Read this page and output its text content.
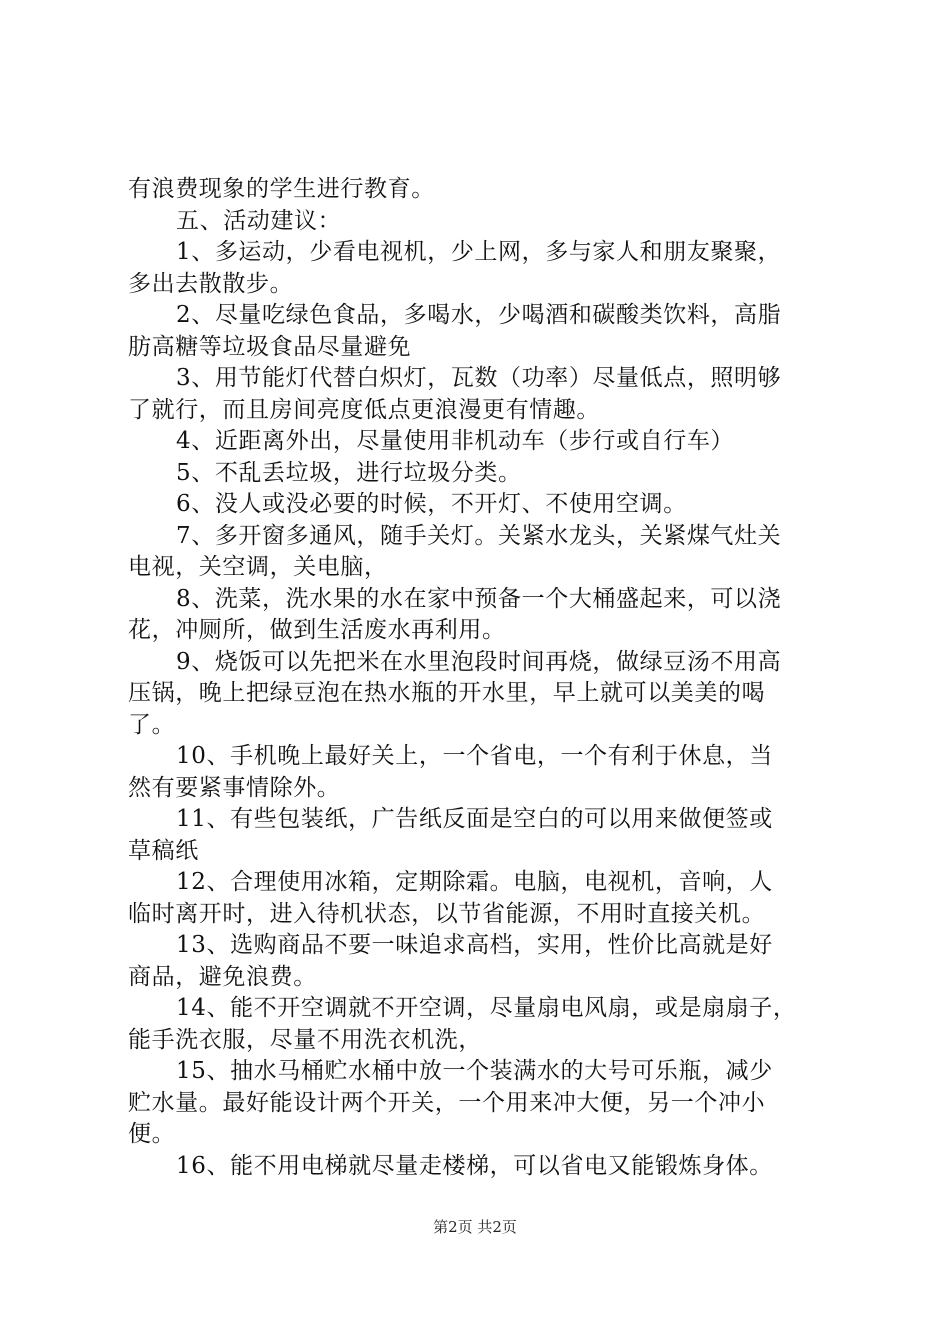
有浪费现象的学生进行教育。
五、活动建议：
1、多运动，少看电视机，少上网，多与家人和朋友聚聚，
多出去散散步。
2、尽量吃绿色食品，多喝水，少喝酒和碳酸类饮料，高脂
肪高糖等垃圾食品尽量避免
3、用节能灯代替白炽灯，瓦数（功率）尽量低点，照明够
了就行，而且房间亮度低点更浪漫更有情趣。
4、近距离外出，尽量使用非机动车（步行或自行车）
5、不乱丢垃圾，进行垃圾分类。
6、没人或没必要的时候，不开灯、不使用空调。
7、多开窗多通风，随手关灯。关紧水龙头，关紧煤气灶关
电视，关空调，关电脑，
8、洗菜，洗水果的水在家中预备一个大桶盛起来，可以浇
花，冲厕所，做到生活废水再利用。
9、烧饭可以先把米在水里泡段时间再烧，做绿豆汤不用高
压锅，晚上把绿豆泡在热水瓶的开水里，早上就可以美美的喝
了。
10、手机晚上最好关上，一个省电，一个有利于休息，当
然有要紧事情除外。
11、有些包装纸，广告纸反面是空白的可以用来做便签或
草稿纸
12、合理使用冰箱，定期除霜。电脑，电视机，音响，人
临时离开时，进入待机状态，以节省能源，不用时直接关机。
13、选购商品不要一味追求高档，实用，性价比高就是好
商品，避免浪费。
14、能不开空调就不开空调，尽量扇电风扇，或是扇扇子，
能手洗衣服，尽量不用洗衣机洗，
15、抽水马桶贮水桶中放一个装满水的大号可乐瓶，减少
贮水量。最好能设计两个开关，一个用来冲大便，另一个冲小
便。
16、能不用电梯就尽量走楼梯，可以省电又能锻炼身体。
第2页 共2页
